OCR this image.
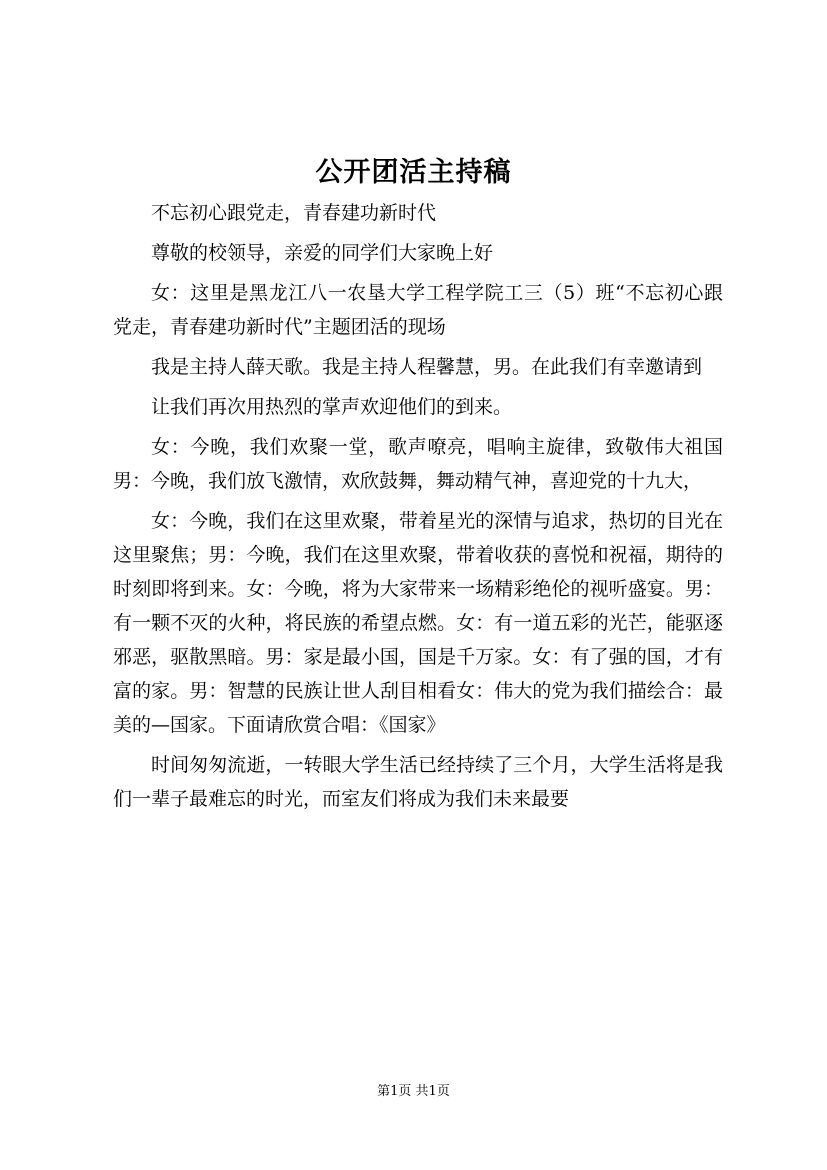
公开团活主持稿

不忘初心跟党走，青春建功新时代

尊敬的校领导，亲爱的同学们大家晚上好

女：这里是黑龙江八一农垦大学工程学院工三（5）班“不忘初心跟党走，青春建功新时代”主题团活的现场

我是主持人薛天歌。我是主持人程馨慧，男。在此我们有幸邀请到

让我们再次用热烈的掌声欢迎他们的到来。

女：今晚，我们欢聚一堂，歌声嘹亮，唱响主旋律，致敬伟大祖国男：今晚，我们放飞激情，欢欣鼓舞，舞动精气神，喜迎党的十九大，

女：今晚，我们在这里欢聚，带着星光的深情与追求，热切的目光在这里聚焦；男：今晚，我们在这里欢聚，带着收获的喜悦和祝福，期待的时刻即将到来。女：今晚，将为大家带来一场精彩绝伦的视听盛宴。男：有一颗不灭的火种，将民族的希望点燃。女：有一道五彩的光芒，能驱逐邪恶，驱散黑暗。男：家是最小国，国是千万家。女：有了强的国，才有富的家。男：智慧的民族让世人刮目相看女：伟大的党为我们描绘合：最美的—国家。下面请欣赏合唱：《国家》

时间匆匆流逝，一转眼大学生活已经持续了三个月，大学生活将是我们一辈子最难忘的时光，而室友们将成为我们未来最要

第1页 共1页
